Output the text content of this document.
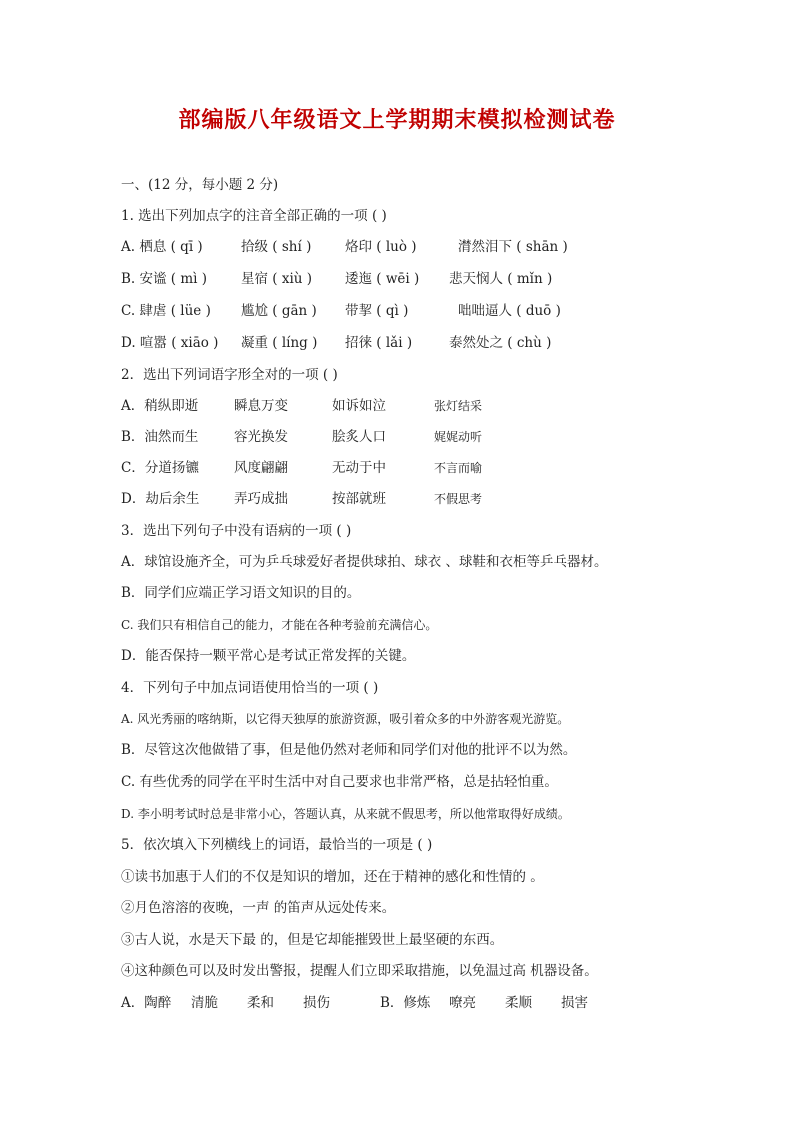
部编版八年级语文上学期期末模拟检测试卷
一、(12 分，每小题 2 分)
1. 选出下列加点字的注音全部正确的一项 ( )
A. 栖息 ( qī )	拾级 ( shí ) 烙印 ( luò )	潸然泪下 ( shān )
B. 安谧 ( mì )	星宿 ( xiù ) 逶迤 ( wēi ) 悲天悯人 ( mǐn )
C. 肆虐 ( lüe ) 尴尬 ( gān ) 带挈 ( qì )	咄咄逼人 ( duō )
D. 喧嚣 ( xiāo ) 凝重 ( líng ) 招徕 ( lǎi )	泰然处之 ( chù )
2．选出下列词语字形全对的一项 ( )
A．稍纵即逝	瞬息万变	如诉如泣	张灯结采
B．油然而生	容光换发	脍炙人口	娓娓动听
C．分道扬镳	风度翩翩	无动于中	不言而喻
D．劫后余生	弄巧成拙	按部就班	不假思考
3．选出下列句子中没有语病的一项 ( )
A．球馆设施齐全，可为乒乓球爱好者提供球拍、球衣 、球鞋和衣柜等乒乓器材。
B．同学们应端正学习语文知识的目的。
C. 我们只有相信自己的能力，才能在各种考验前充满信心。
D．能否保持一颗平常心是考试正常发挥的关键。
4．下列句子中加点词语使用恰当的一项 ( )
A. 风光秀丽的喀纳斯，以它得天独厚的旅游资源，吸引着众多的中外游客观光游览。
B．尽管这次他做错了事，但是他仍然对老师和同学们对他的批评不以为然。
C. 有些优秀的同学在平时生活中对自己要求也非常严格，总是拈轻怕重。
D. 李小明考试时总是非常小心，答题认真，从来就不假思考，所以他常取得好成绩。
5．依次填入下列横线上的词语，最恰当的一项是 ( )
①读书加惠于人们的不仅是知识的增加，还在于精神的感化和性情的 。
②月色溶溶的夜晚，一声 的笛声从远处传来。
③古人说，水是天下最 的，但是它却能摧毁世上最坚硬的东西。
④这种颜色可以及时发出警报，提醒人们立即采取措施，以免温过高 机器设备。
A．陶醉 清脆 柔和 损伤	B．修炼 嘹亮 柔顺 损害
